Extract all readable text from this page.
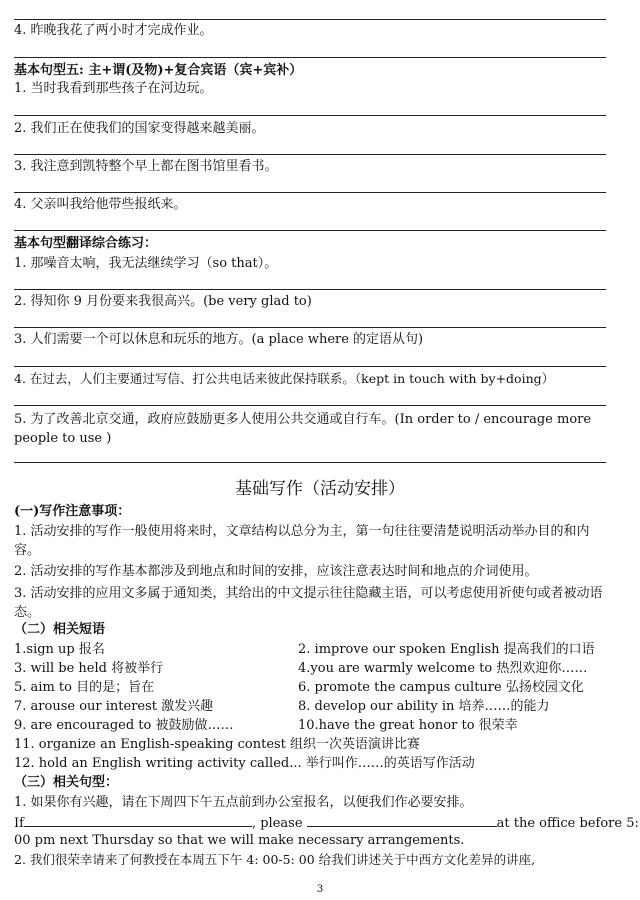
4. 昨晚我花了两小时才完成作业。
基本句型五: 主+谓(及物)+复合宾语（宾+宾补）
1. 当时我看到那些孩子在河边玩。
2. 我们正在使我们的国家变得越来越美丽。
3. 我注意到凯特整个早上都在图书馆里看书。
4. 父亲叫我给他带些报纸来。
基本句型翻译综合练习：
1. 那噪音太响，我无法继续学习（so that）。
2. 得知你 9 月份要来我很高兴。(be very glad to)
3. 人们需要一个可以休息和玩乐的地方。(a place where 的定语从句)
4. 在过去，人们主要通过写信、打公共电话来彼此保持联系。（kept in touch with by+doing）
5. 为了改善北京交通，政府应鼓励更多人使用公共交通或自行车。(In order to / encourage more people to use )
基础写作（活动安排）
(一)写作注意事项：
1. 活动安排的写作一般使用将来时，文章结构以总分为主，第一句往往要清楚说明活动举办目的和内容。
2. 活动安排的写作基本都涉及到地点和时间的安排，应该注意表达时间和地点的介词使用。
3. 活动安排的应用文多属于通知类，其给出的中文提示往往隐藏主语，可以考虑使用祈使句或者被动语态。
（二）相关短语
1.sign up 报名	2. improve our spoken English 提高我们的口语
3. will be held 将被举行	4.you are warmly welcome to 热烈欢迎你……
5. aim to 目的是；旨在	6. promote the campus culture 弘扬校园文化
7. arouse our interest 激发兴趣	8. develop our ability in 培养……的能力
9. are encouraged to 被鼓励做……	10.have the great honor to 很荣幸
11. organize an English-speaking contest 组织一次英语演讲比赛
12. hold an English writing activity called... 举行叫作……的英语写作活动
（三）相关句型：
1. 如果你有兴趣，请在下周四下午五点前到办公室报名，以便我们作必要安排。
If	, please	at the office before 5:
00 pm next Thursday so that we will make necessary arrangements.
2. 我们很荣幸请来了何教授在本周五下午 4: 00-5: 00 给我们讲述关于中西方文化差异的讲座,
3
